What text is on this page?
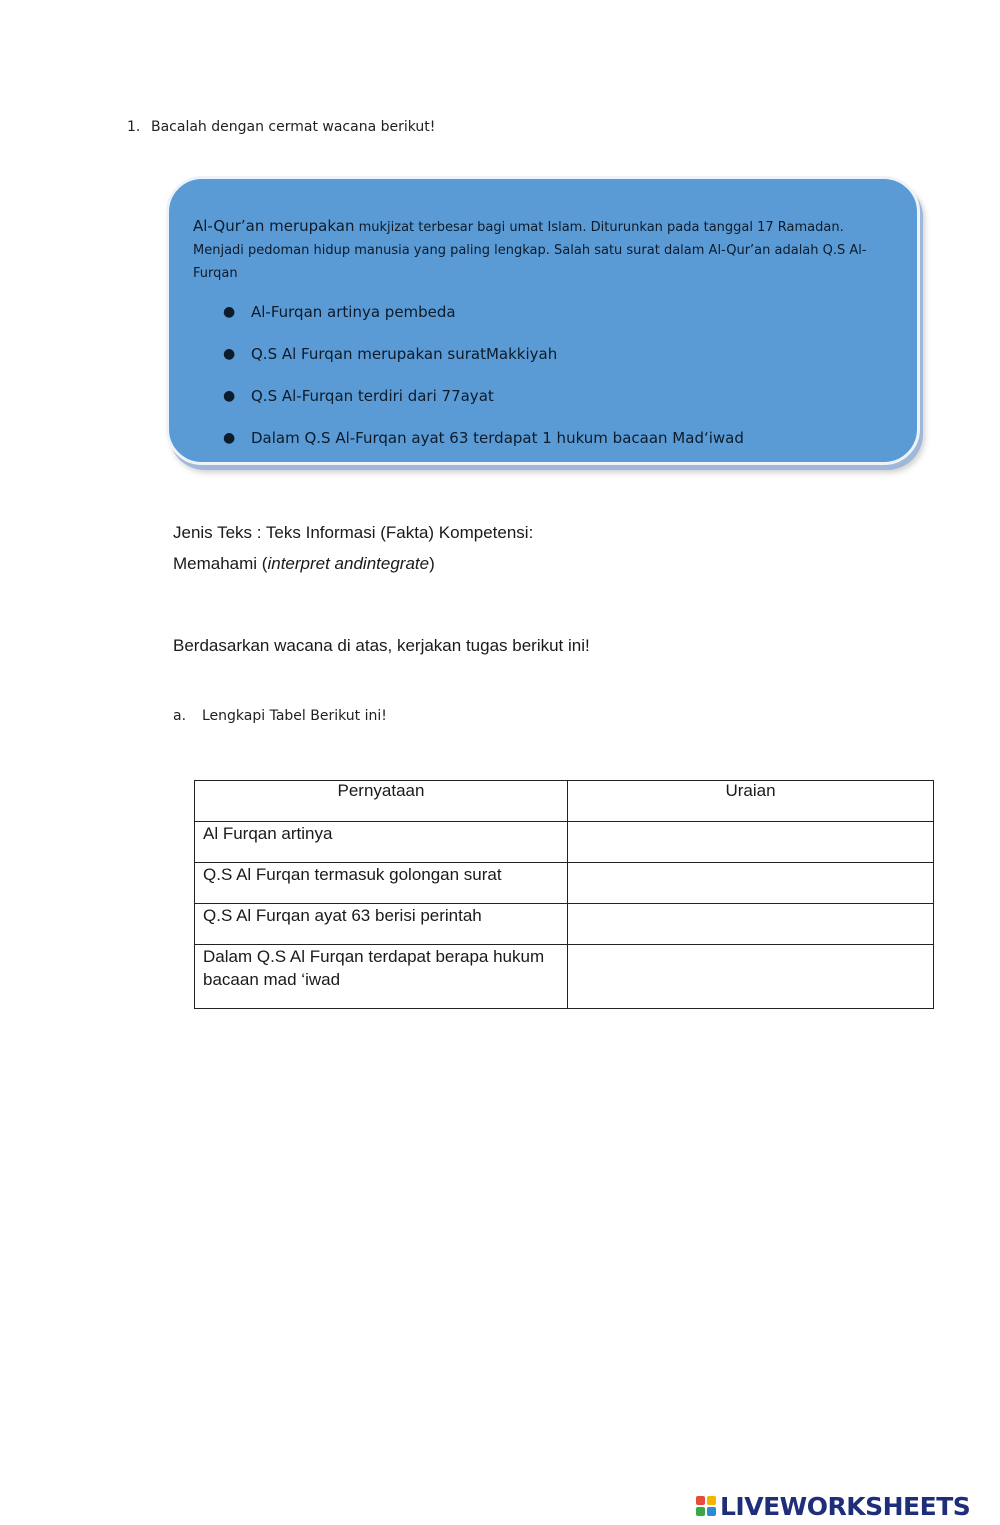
1. Bacalah dengan cermat wacana berikut!

Al-Qur’an merupakan mukjizat terbesar bagi umat Islam. Diturunkan pada tanggal 17 Ramadan. Menjadi pedoman hidup manusia yang paling lengkap. Salah satu surat dalam Al-Qur’an adalah Q.S Al-Furqan

● Al-Furqan artinya pembeda
● Q.S Al Furqan merupakan suratMakkiyah
● Q.S Al-Furqan terdiri dari 77ayat
● Dalam Q.S Al-Furqan ayat 63 terdapat 1 hukum bacaan Mad‘iwad
Jenis Teks : Teks Informasi (Fakta) Kompetensi:
Memahami (interpret andintegrate)
Berdasarkan wacana di atas, kerjakan tugas berikut ini!
a. Lengkapi Tabel Berikut ini!
Pernyataan	Uraian
Al Furqan artinya	
Q.S Al Furqan termasuk golongan surat	
Q.S Al Furqan ayat 63 berisi perintah	
Dalam Q.S Al Furqan terdapat berapa hukum bacaan mad ‘iwad	
LIVEWORKSHEETS
